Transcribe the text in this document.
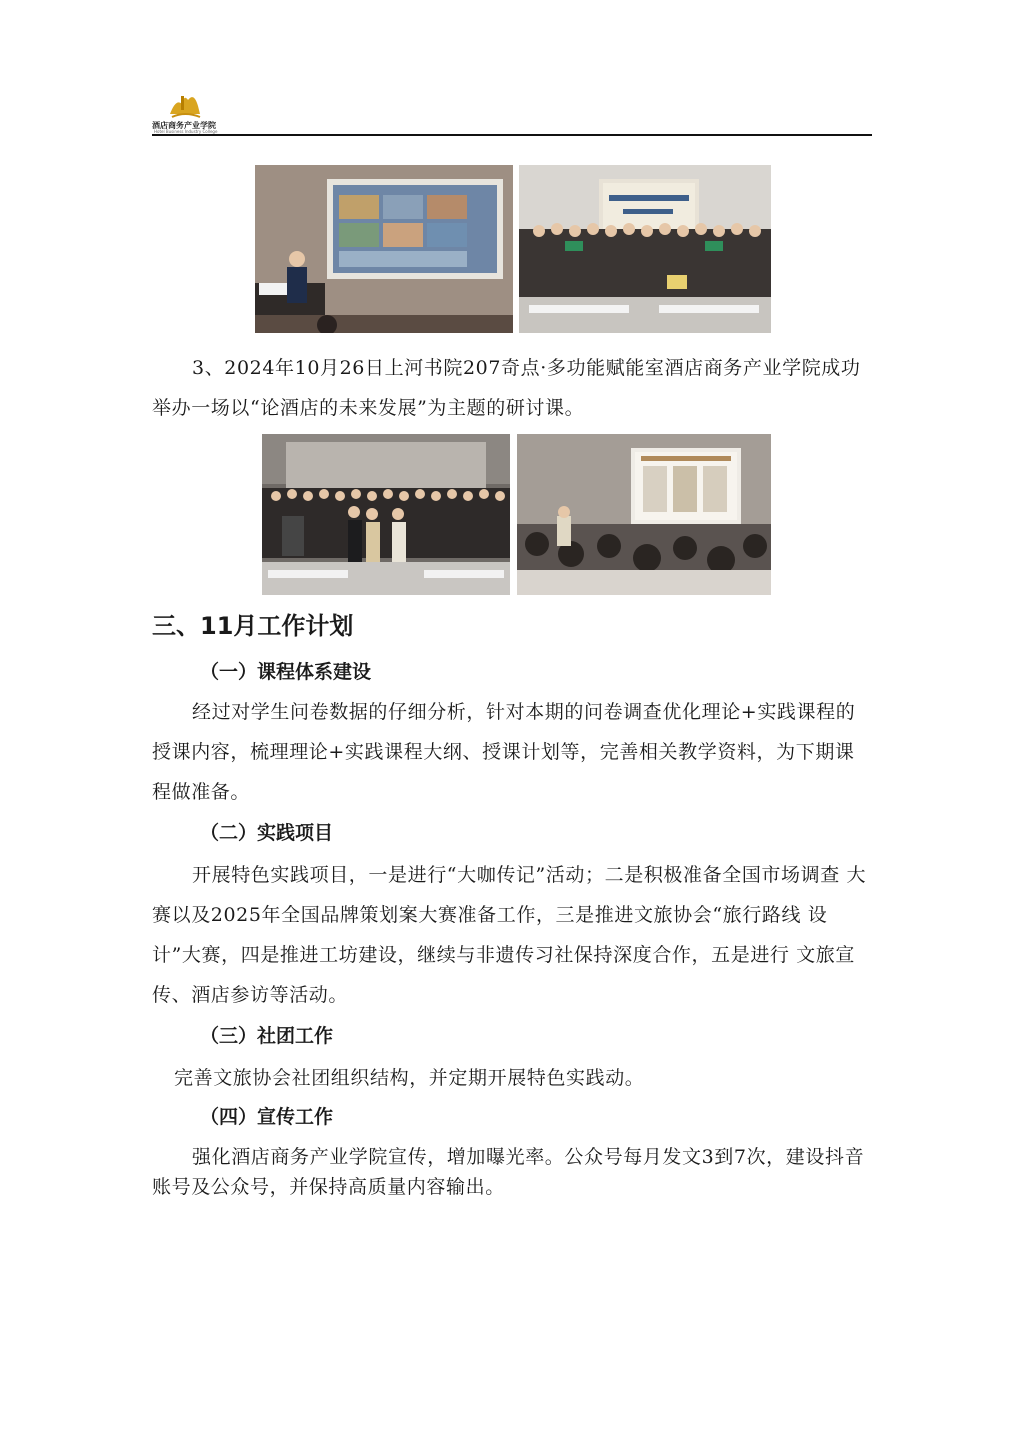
酒店商务产业学院
Hotel Business Industry College

3、2024年10月26日上河书院207奇点·多功能赋能室酒店商务产业学院成功举办一场以“论酒店的未来发展”为主题的研讨课。

三、11月工作计划
（一）课程体系建设

经过对学生问卷数据的仔细分析，针对本期的问卷调查优化理论+实践课程的授课内容，梳理理论+实践课程大纲、授课计划等，完善相关教学资料，为下期课程做准备。

（二）实践项目

开展特色实践项目，一是进行“大咖传记”活动；二是积极准备全国市场调查 大赛以及2025年全国品牌策划案大赛准备工作，三是推进文旅协会“旅行路线 设计”大赛，四是推进工坊建设，继续与非遗传习社保持深度合作，五是进行 文旅宣传、酒店参访等活动。

（三）社团工作

完善文旅协会社团组织结构，并定期开展特色实践动。

（四）宣传工作

强化酒店商务产业学院宣传，增加曝光率。公众号每月发文3到7次，建设抖音账号及公众号，并保持高质量内容输出。
